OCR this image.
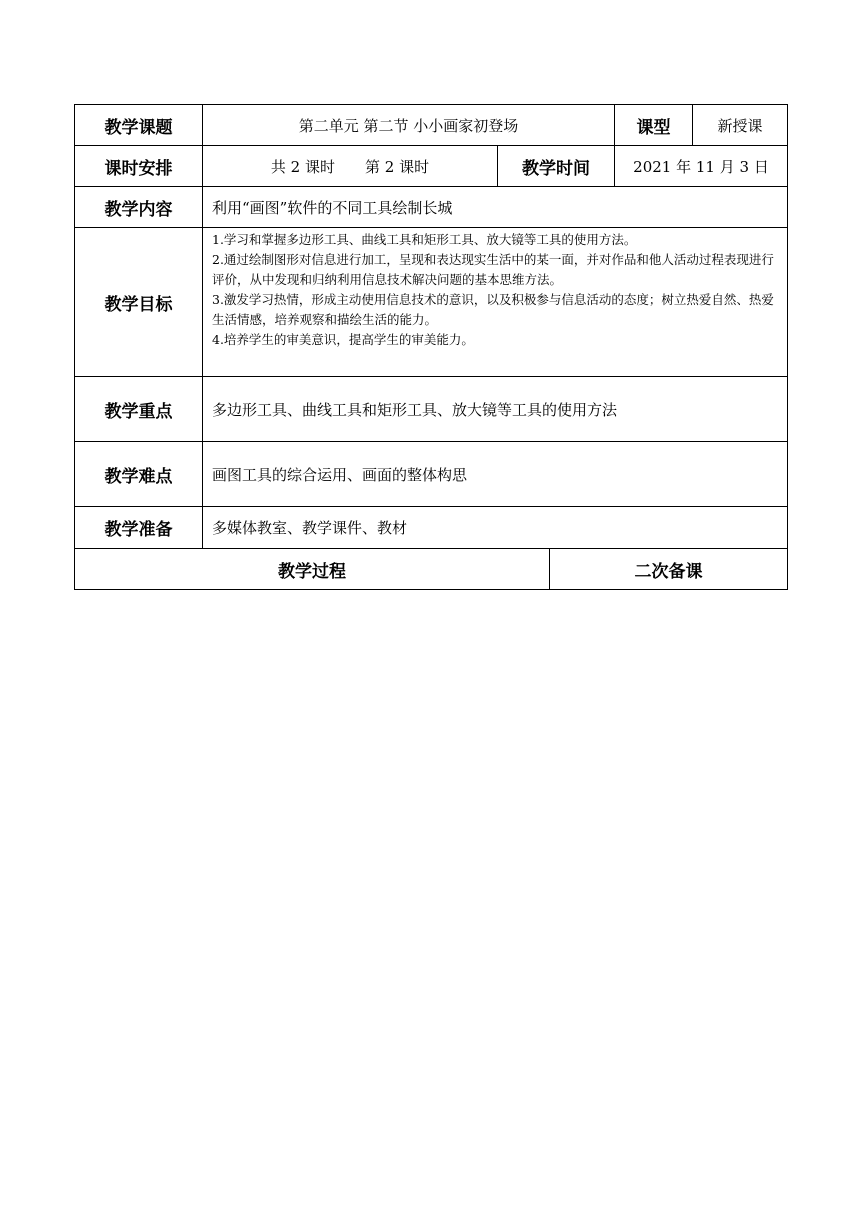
教学课题	第二单元 第二节 小小画家初登场			课型	新授课
课时安排	共 2 课时 第 2 课时	教学时间		2021 年 11 月 3 日	
教学内容	利用“画图”软件的不同工具绘制长城				
教学目标	1.学习和掌握多边形工具、曲线工具和矩形工具、放大镜等工具的使用方法。
2.通过绘制图形对信息进行加工，呈现和表达现实生活中的某一面，并对作品和他人活动过程表现进行评价，从中发现和归纳利用信息技术解决问题的基本思维方法。
3.激发学习热情，形成主动使用信息技术的意识，以及积极参与信息活动的态度；树立热爱自然、热爱生活情感，培养观察和描绘生活的能力。
4.培养学生的审美意识，提高学生的审美能力。				

教学重点	多边形工具、曲线工具和矩形工具、放大镜等工具的使用方法				
教学难点	画图工具的综合运用、画面的整体构思				
教学准备	多媒体教室、教学课件、教材				
教学过程			二次备课		
